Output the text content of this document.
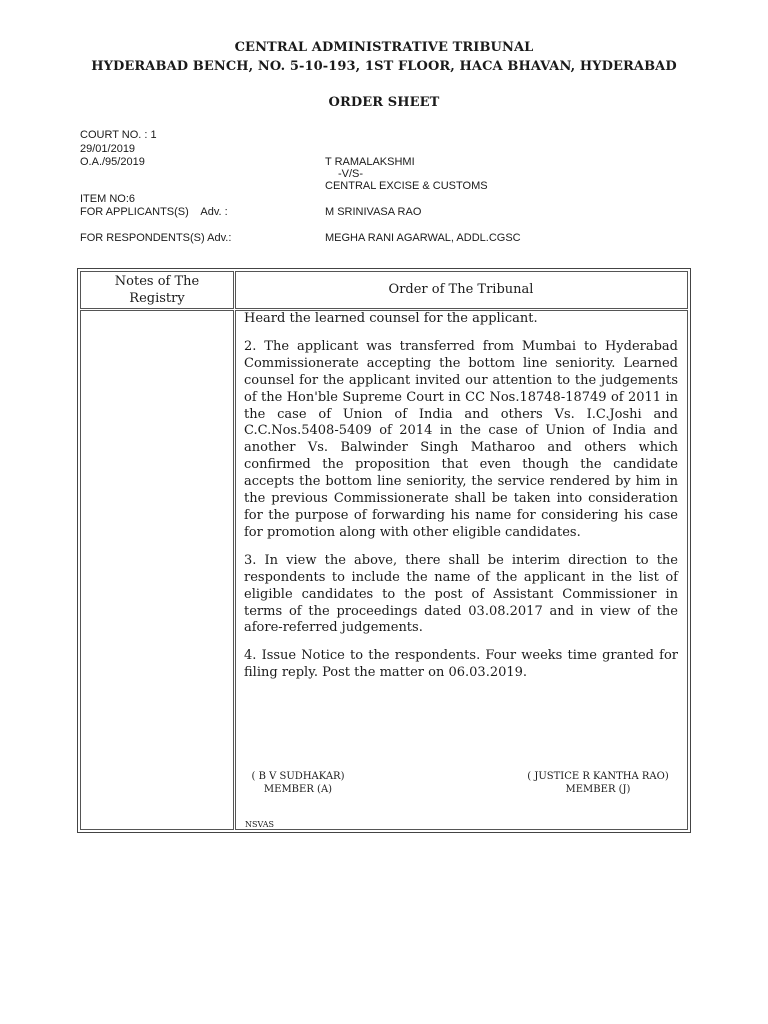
CENTRAL ADMINISTRATIVE TRIBUNAL
HYDERABAD BENCH, NO. 5-10-193, 1ST FLOOR, HACA BHAVAN, HYDERABAD
ORDER SHEET
COURT NO. : 1
29/01/2019
O.A./95/2019	T RAMALAKSHMI
-V/S-
CENTRAL EXCISE & CUSTOMS
ITEM NO:6
FOR APPLICANTS(S)    Adv. :	M SRINIVASA RAO
FOR RESPONDENTS(S) Adv.:	MEGHA RANI AGARWAL, ADDL.CGSC
Notes of The Registry
Order of The Tribunal

Heard the learned counsel for the applicant.

2. The applicant was transferred from Mumbai to Hyderabad Commissionerate accepting the bottom line seniority. Learned counsel for the applicant invited our attention to the judgements of the Hon'ble Supreme Court in CC Nos.18748-18749 of 2011 in the case of Union of India and others Vs. I.C.Joshi and C.C.Nos.5408-5409 of 2014 in the case of Union of India and another Vs. Balwinder Singh Matharoo and others which confirmed the proposition that even though the candidate accepts the bottom line seniority, the service rendered by him in the previous Commissionerate shall be taken into consideration for the purpose of forwarding his name for considering his case for promotion along with other eligible candidates.

3. In view the above, there shall be interim direction to the respondents to include the name of the applicant in the list of eligible candidates to the post of Assistant Commissioner in terms of the proceedings dated 03.08.2017 and in view of the afore-referred judgements.

4. Issue Notice to the respondents. Four weeks time granted for filing reply. Post the matter on 06.03.2019.

( B V SUDHAKAR)
MEMBER (A)
( JUSTICE R KANTHA RAO)
MEMBER (J)
NSVAS
